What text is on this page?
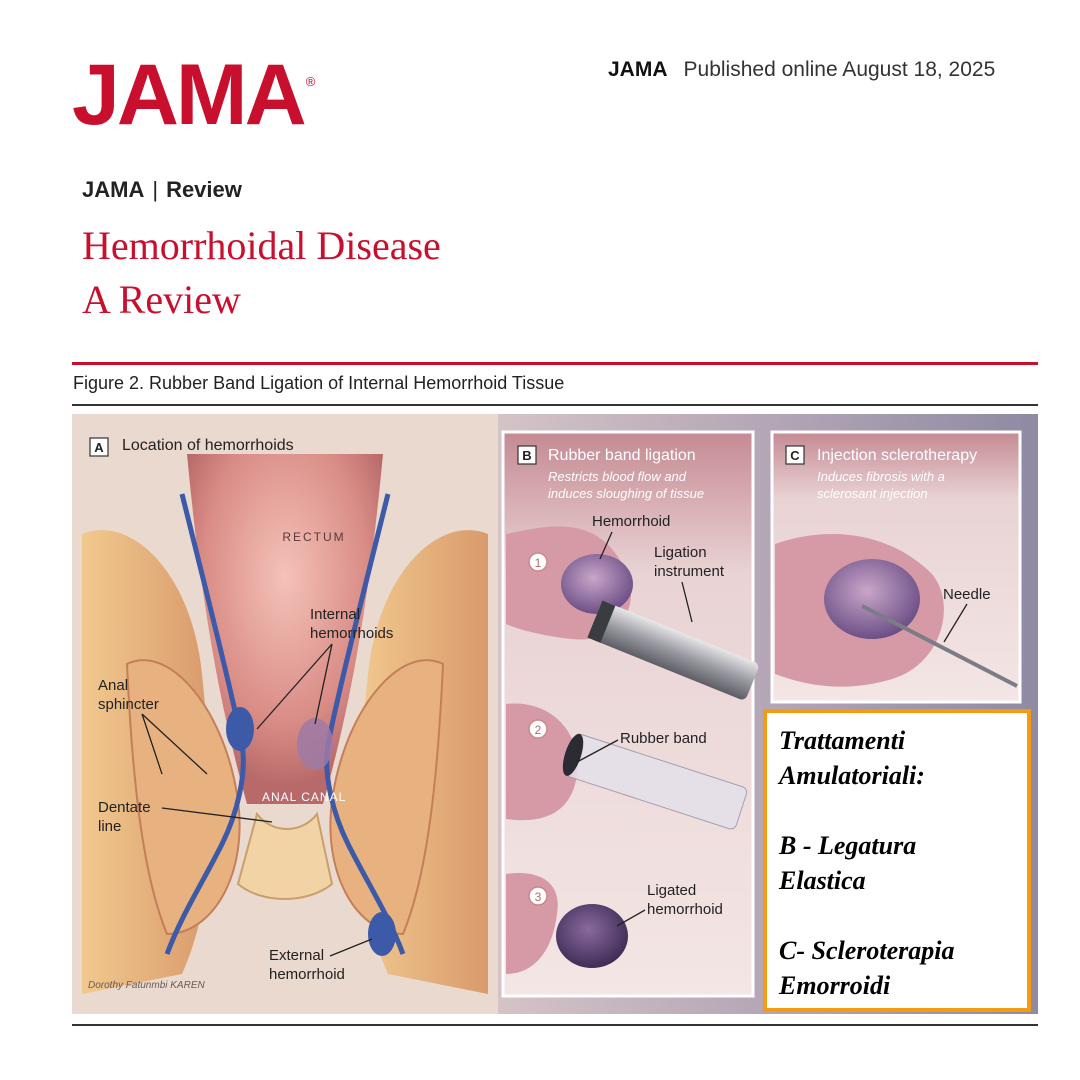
JAMA ®
JAMA Published online August 18, 2025
JAMA | Review
Hemorrhoidal Disease
A Review
Figure 2. Rubber Band Ligation of Internal Hemorrhoid Tissue
A Location of hemorrhoids
RECTUM
Internal
hemorrhoids
Anal
sphincter
Dentate
line
ANAL CANAL
External
hemorrhoid
Dorothy Fatunmbi KAREN
B Rubber band ligation
Restricts blood flow and
induces sloughing of tissue
1
Hemorrhoid
Ligation
instrument
2	Rubber band
3	Ligated
hemorrhoid
C Injection sclerotherapy
Induces fibrosis with a
sclerosant injection
Needle

Trattamenti

Amulatoriali:

B - Legatura

Elastica

C- Scleroterapia

Emorroidi
